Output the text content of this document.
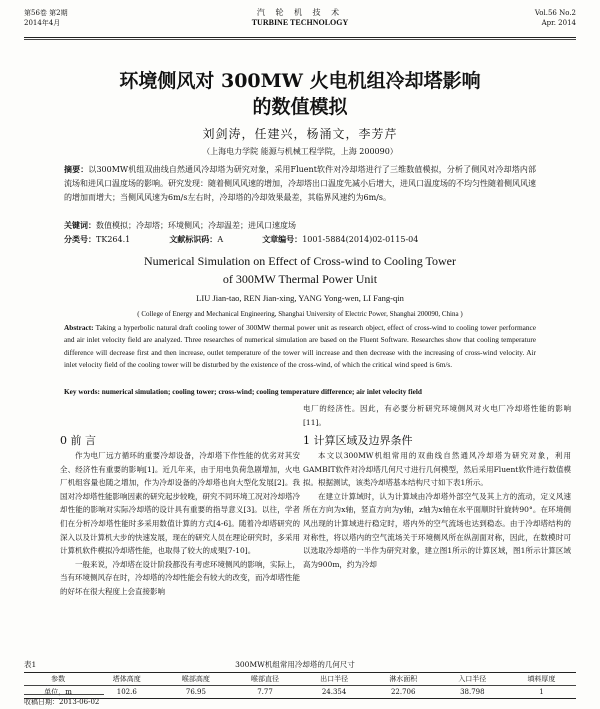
第56卷 第2期
2014年4月
汽 轮 机 技 术
TURBINE TECHNOLOGY
Vol.56 No.2
Apr. 2014
环境侧风对 300MW 火电机组冷却塔影响
的数值模拟
刘剑涛，任建兴，杨涌文，李芳芹
（上海电力学院 能源与机械工程学院，上海 200090）
摘要：以300MW机组双曲线自然通风冷却塔为研究对象，采用Fluent软件对冷却塔进行了三维数值模拟，分析了侧风对冷却塔内部流场和进风口温度场的影响。研究发现：随着侧风风速的增加，冷却塔出口温度先减小后增大，进风口温度场的不均匀性随着侧风风速的增加而增大；当侧风风速为6m/s左右时，冷却塔的冷却效果最差，其临界风速约为6m/s。
关键词：数值模拟；冷却塔；环境侧风；冷却温差；进风口速度场
分类号：TK264.1	文献标识码：A	文章编号：1001-5884(2014)02-0115-04
Numerical Simulation on Effect of Cross-wind to Cooling Tower
of 300MW Thermal Power Unit
LIU Jian-tao, REN Jian-xing, YANG Yong-wen, LI Fang-qin
( College of Energy and Mechanical Engineering, Shanghai University of Electric Power, Shanghai 200090, China )
Abstract: Taking a hyperbolic natural draft cooling tower of 300MW thermal power unit as research object, effect of cross-wind to cooling tower performance and air inlet velocity field are analyzed. Three researches of numerical simulation are based on the Fluent Software. Researches show that cooling temperature difference will decrease first and then increase, outlet temperature of the tower will increase and then decrease with the increasing of cross-wind velocity. Air inlet velocity field of the cooling tower will be disturbed by the existence of the cross-wind, of which the critical wind speed is 6m/s.
Key words: numerical simulation; cooling tower; cross-wind; cooling temperature difference; air inlet velocity field
0 前 言

作为电厂远方循环的重要冷却设备，冷却塔下作性能的优劣对其安全、经济性有重要的影响[1]。近几年来，由于用电负荷急剧增加，火电厂机组容量也随之增加，作为冷却设备的冷却塔也向大型化发展[2]。我国对冷却塔性能影响因素的研究起步较晚，研究不同环境工况对冷却塔冷却性能的影响对实际冷却塔的设计具有重要的指导意义[3]。以往，学者们在分析冷却塔性能时多采用数值计算的方式[4-6]。随着冷却塔研究的深入以及计算机大步的快速发展，现在的研究人员在理论研究时，多采用计算机软件模拟冷却塔性能，也取得了较大的成果[7-10]。

一般来说，冷却塔在设计阶段都没有考虑环境侧风的影响，实际上，当有环境侧风存在时，冷却塔的冷却性能会有较大的改变，而冷却塔性能的好坏在很大程度上会直接影响

电厂的经济性。因此，有必要分析研究环境侧风对火电厂冷却塔性能的影响[11]。

1 计算区域及边界条件

本文以300MW机组常用的双曲线自然通风冷却塔为研究对象，利用GAMBIT软件对冷却塔几何尺寸进行几何模型，然后采用Fluent软件进行数值模拟。根据测试，该类冷却塔基本结构尺寸如下表1所示。

在建立计算域时，认为计算域由冷却塔外部空气及其上方的流动，定义风速所在方向为x轴，竖直方向为y轴，z轴为x轴在水平面顺时针旋转90°。在环境侧风出现的计算域进行稳定时，塔内外的空气流场也达到稳态。由于冷却塔结构的对称性，将以塔内的空气流场关于环境侧风所在纵剖面对称，因此，在数模时可以选取冷却塔的一半作为研究对象，建立图1所示的计算区域，图1所示计算区域高为900m，约为冷却

表1	300MW机组常用冷却塔的几何尺寸
参数	塔体高度	喉部高度	喉部直径	出口半径	淋水面积	入口半径	填料厚度
单位，m	102.6	76.95	7.77	24.354	22.706	38.798	1
收稿日期：2013-06-02
